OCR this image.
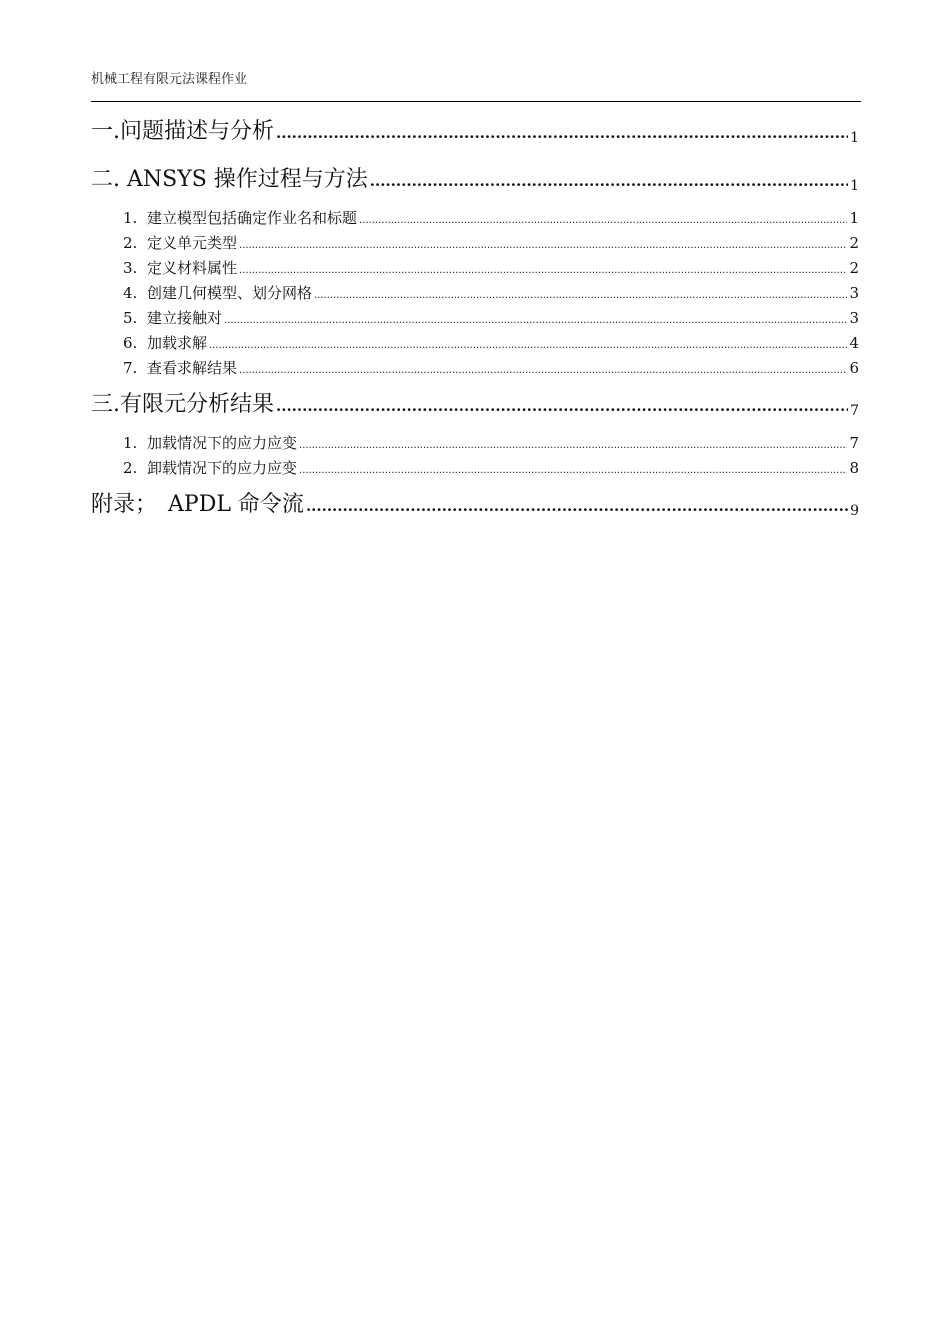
机械工程有限元法课程作业
一.问题描述与分析 .....	1
二. ANSYS 操作过程与方法 .....	1
1. 建立模型包括确定作业名和标题 .....	1
2. 定义单元类型 .....	2
3. 定义材料属性 .....	2
4. 创建几何模型、划分网格 .....	3
5. 建立接触对 .....	3
6. 加载求解 .....	4
7. 查看求解结果 .....	6
三.有限元分析结果 .....	7
1. 加载情况下的应力应变 .....	7
2. 卸载情况下的应力应变 .....	8
附录；　APDL 命令流 .....	9
